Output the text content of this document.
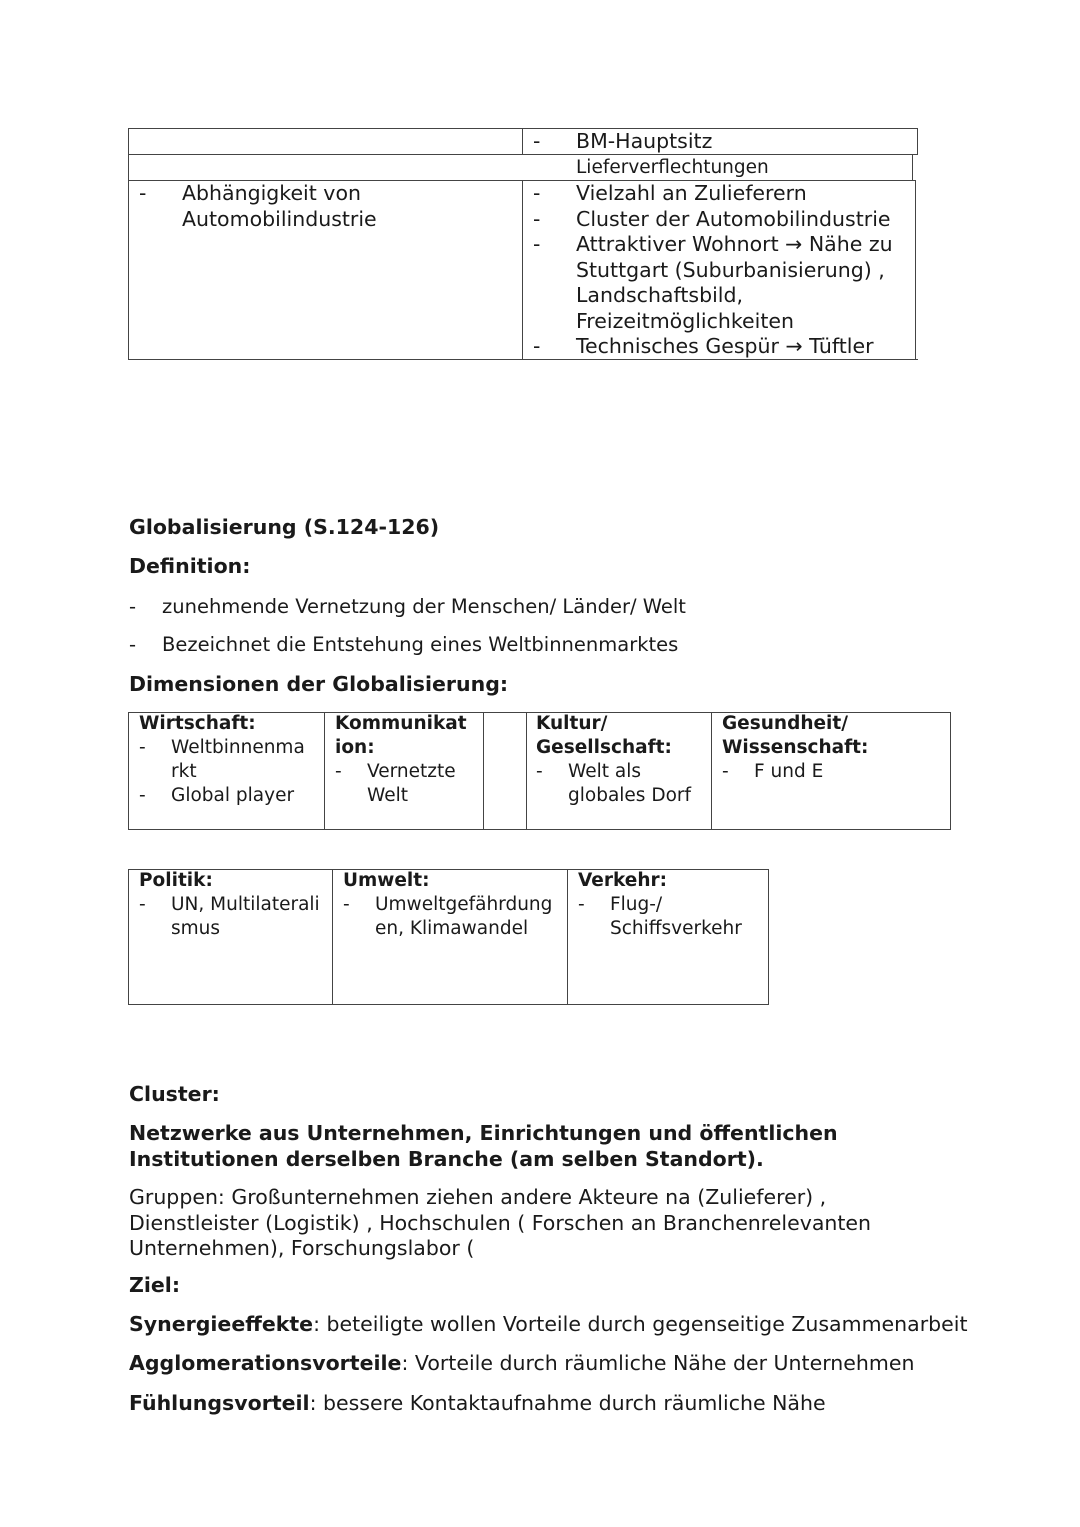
- BM-Hauptsitz
Lieferverflechtungen
- Abhängigkeit von Automobilindustrie
- Vielzahl an Zulieferern
- Cluster der Automobilindustrie
- Attraktiver Wohnort → Nähe zu Stuttgart (Suburbanisierung) , Landschaftsbild, Freizeitmöglichkeiten
- Technisches Gespür → Tüftler
Globalisierung (S.124-126)
Definition:
- zunehmende Vernetzung der Menschen/ Länder/ Welt
- Bezeichnet die Entstehung eines Weltbinnenmarktes
Dimensionen der Globalisierung:
Wirtschaft:
- Weltbinnenmarkt
- Global player
Kommunikation:
- Vernetzte Welt
Kultur/ Gesellschaft:
- Welt als globales Dorf
Gesundheit/ Wissenschaft:
- F und E
Politik:
- UN, Multilateralismus
Umwelt:
- Umweltgefährdungen, Klimawandel
Verkehr:
- Flug-/ Schiffsverkehr
Cluster:
Netzwerke aus Unternehmen, Einrichtungen und öffentlichen Institutionen derselben Branche (am selben Standort).
Gruppen: Großunternehmen ziehen andere Akteure na (Zulieferer) , Dienstleister (Logistik) , Hochschulen ( Forschen an Branchenrelevanten Unternehmen), Forschungslabor (
Ziel:
Synergieeffekte: beteiligte wollen Vorteile durch gegenseitige Zusammenarbeit
Agglomerationsvorteile: Vorteile durch räumliche Nähe der Unternehmen
Fühlungsvorteil: bessere Kontaktaufnahme durch räumliche Nähe
